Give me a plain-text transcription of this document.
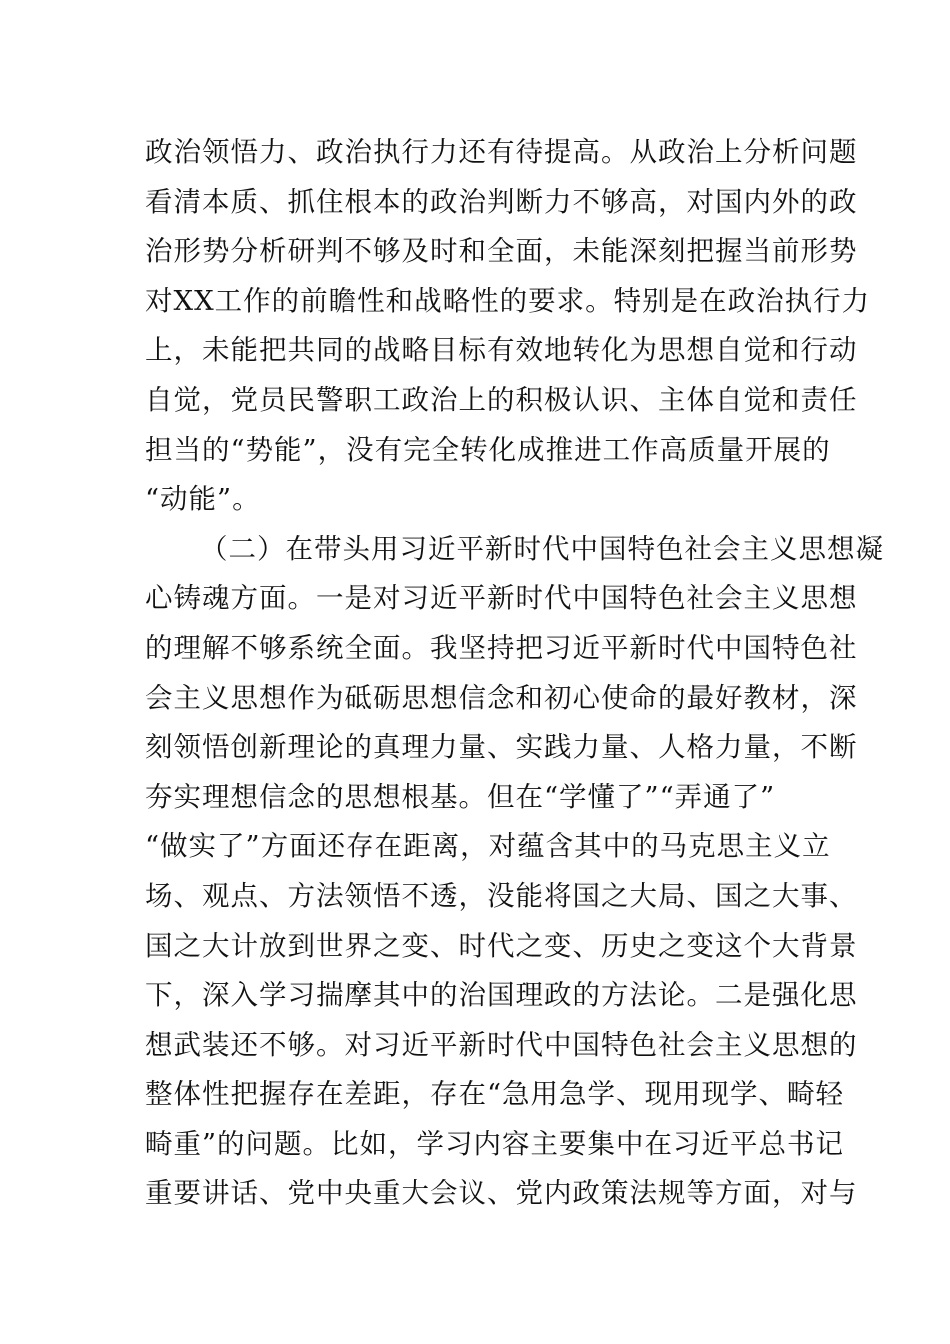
政治领悟力、政治执行力还有待提高。从政治上分析问题
看清本质、抓住根本的政治判断力不够高，对国内外的政
治形势分析研判不够及时和全面，未能深刻把握当前形势
对XX工作的前瞻性和战略性的要求。特别是在政治执行力
上，未能把共同的战略目标有效地转化为思想自觉和行动
自觉，党员民警职工政治上的积极认识、主体自觉和责任
担当的“势能”，没有完全转化成推进工作高质量开展的
“动能”。
（二）在带头用习近平新时代中国特色社会主义思想凝
心铸魂方面。一是对习近平新时代中国特色社会主义思想
的理解不够系统全面。我坚持把习近平新时代中国特色社
会主义思想作为砥砺思想信念和初心使命的最好教材，深
刻领悟创新理论的真理力量、实践力量、人格力量，不断
夯实理想信念的思想根基。但在“学懂了”“弄通了”
“做实了”方面还存在距离，对蕴含其中的马克思主义立
场、观点、方法领悟不透，没能将国之大局、国之大事、
国之大计放到世界之变、时代之变、历史之变这个大背景
下，深入学习揣摩其中的治国理政的方法论。二是强化思
想武装还不够。对习近平新时代中国特色社会主义思想的
整体性把握存在差距，存在“急用急学、现用现学、畸轻
畸重”的问题。比如，学习内容主要集中在习近平总书记
重要讲话、党中央重大会议、党内政策法规等方面，对与
